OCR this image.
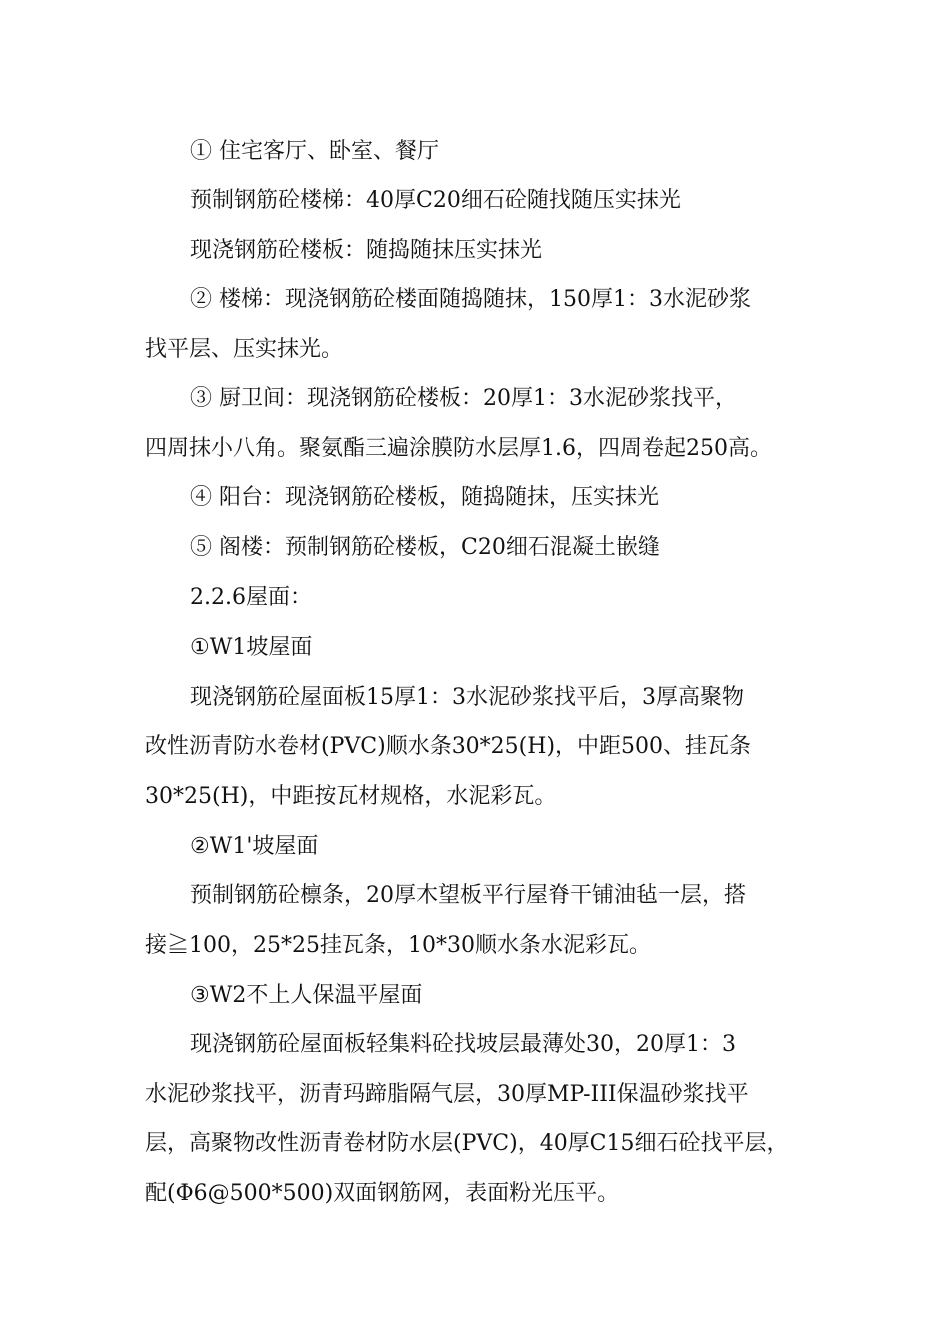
① 住宅客厅、卧室、餐厅

预制钢筋砼楼梯：40厚C20细石砼随找随压实抹光

现浇钢筋砼楼板：随捣随抹压实抹光

② 楼梯：现浇钢筋砼楼面随捣随抹，150厚1：3水泥砂浆

找平层、压实抹光。

③ 厨卫间：现浇钢筋砼楼板：20厚1：3水泥砂浆找平，

四周抹小八角。聚氨酯三遍涂膜防水层厚1.6，四周卷起250高。

④ 阳台：现浇钢筋砼楼板，随捣随抹，压实抹光

⑤ 阁楼：预制钢筋砼楼板，C20细石混凝土嵌缝

2.2.6屋面：

①W1坡屋面

现浇钢筋砼屋面板15厚1：3水泥砂浆找平后，3厚高聚物

改性沥青防水卷材(PVC)顺水条30*25(H)，中距500、挂瓦条

30*25(H)，中距按瓦材规格，水泥彩瓦。

②W1'坡屋面

预制钢筋砼檩条，20厚木望板平行屋脊干铺油毡一层，搭

接≧100，25*25挂瓦条，10*30顺水条水泥彩瓦。

③W2不上人保温平屋面

现浇钢筋砼屋面板轻集料砼找坡层最薄处30，20厚1：3

水泥砂浆找平，沥青玛蹄脂隔气层，30厚MP-III保温砂浆找平

层，高聚物改性沥青卷材防水层(PVC)，40厚C15细石砼找平层，

配(Φ6@500*500)双面钢筋网，表面粉光压平。
